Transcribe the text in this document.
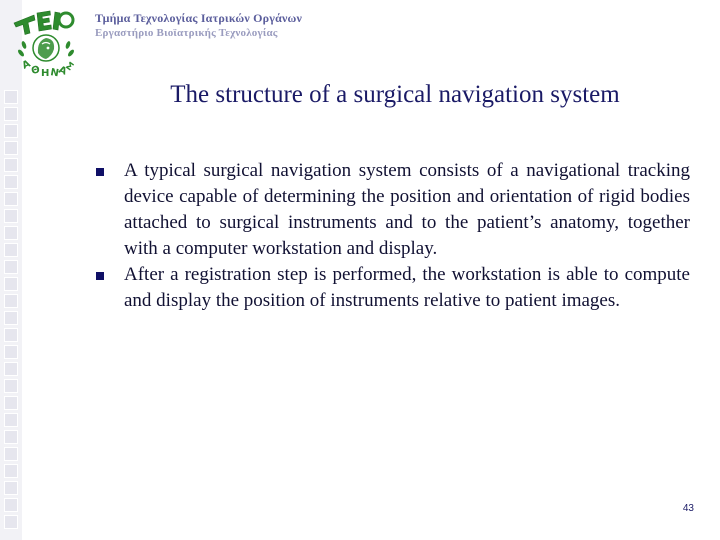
Α
Θ Η Ν
Α
Σ
Τμήμα Τεχνολογίας Ιατρικών Οργάνων
Εργαστήριο Βιοϊατρικής Τεχνολογίας
The structure of a surgical navigation system
A typical surgical navigation system consists of a navigational tracking device capable of determining the position and orientation of rigid bodies attached to surgical instruments and to the patient’s anatomy, together with a computer workstation and display.
After a registration step is performed, the workstation is able to compute and display the position of instruments relative to patient images.
43
